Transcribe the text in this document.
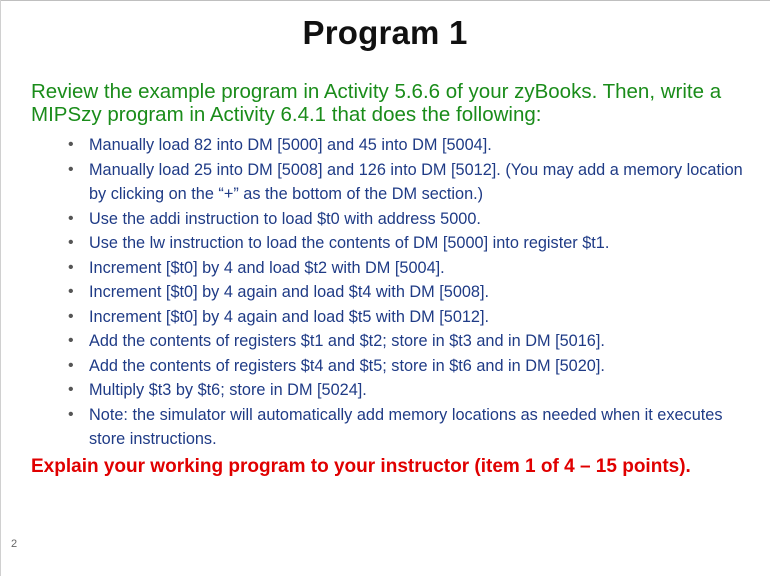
Program 1
Review the example program in Activity 5.6.6 of your zyBooks. Then, write a MIPSzy program in Activity 6.4.1 that does the following:
• Manually load 82 into DM [5000] and 45 into DM [5004].
• Manually load 25 into DM [5008] and 126 into DM [5012]. (You may add a memory location by clicking on the “+” as the bottom of the DM section.)
• Use the addi instruction to load $t0 with address 5000.
• Use the lw instruction to load the contents of DM [5000] into register $t1.
• Increment [$t0] by 4 and load $t2 with DM [5004].
• Increment [$t0] by 4 again and load $t4 with DM [5008].
• Increment [$t0] by 4 again and load $t5 with DM [5012].
• Add the contents of registers $t1 and $t2; store in $t3 and in DM [5016].
• Add the contents of registers $t4 and $t5; store in $t6 and in DM [5020].
• Multiply $t3 by $t6; store in DM [5024].
• Note: the simulator will automatically add memory locations as needed when it executes store instructions.
Explain your working program to your instructor (item 1 of 4 – 15 points).
2
